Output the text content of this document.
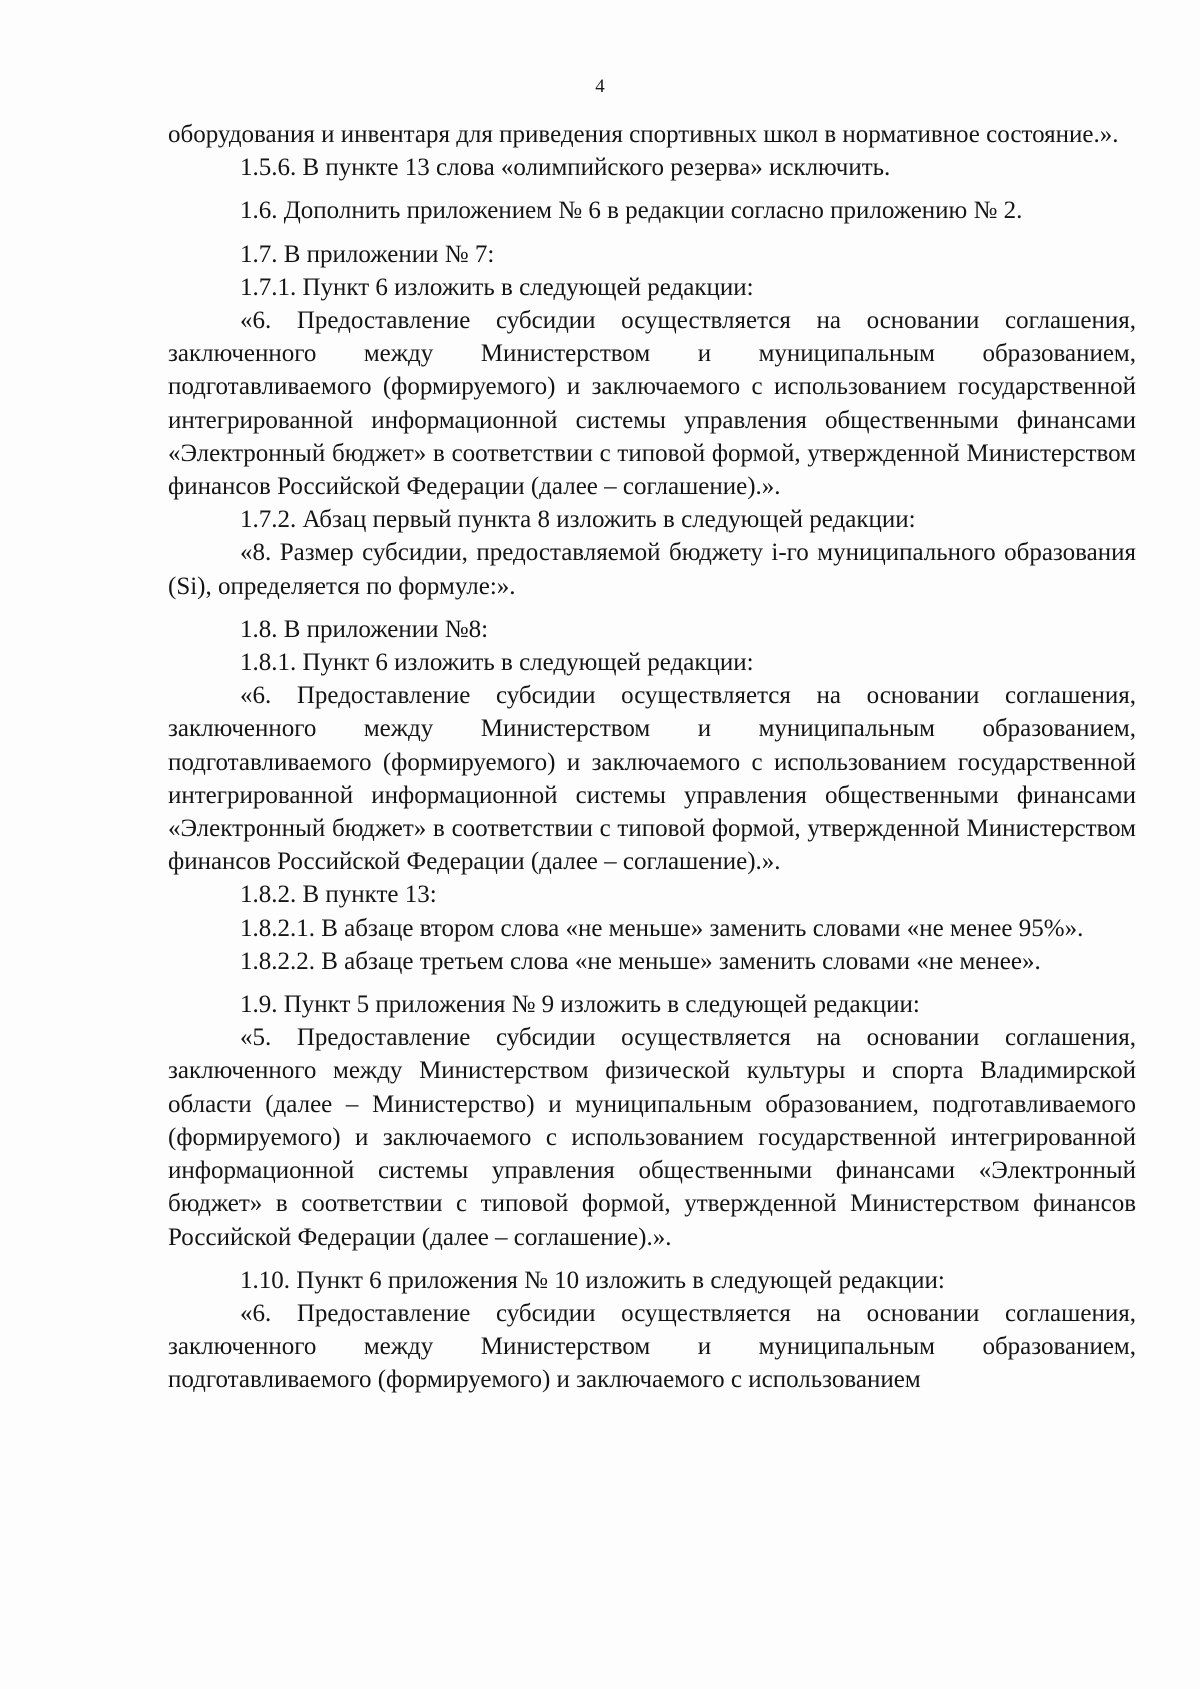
4

оборудования и инвентаря для приведения спортивных школ в нормативное состояние.».

1.5.6. В пункте 13 слова «олимпийского резерва» исключить.

1.6. Дополнить приложением № 6 в редакции согласно приложению № 2.

1.7. В приложении № 7:

1.7.1. Пункт 6 изложить в следующей редакции:

«6. Предоставление субсидии осуществляется на основании соглашения, заключенного между Министерством и муниципальным образованием, подготавливаемого (формируемого) и заключаемого с использованием государственной интегрированной информационной системы управления общественными финансами «Электронный бюджет» в соответствии с типовой формой, утвержденной Министерством финансов Российской Федерации (далее – соглашение).».

1.7.2. Абзац первый пункта 8 изложить в следующей редакции:

«8. Размер субсидии, предоставляемой бюджету i-го муниципального образования (Si), определяется по формуле:».

1.8. В приложении №8:

1.8.1. Пункт 6 изложить в следующей редакции:

«6. Предоставление субсидии осуществляется на основании соглашения, заключенного между Министерством и муниципальным образованием, подготавливаемого (формируемого) и заключаемого с использованием государственной интегрированной информационной системы управления общественными финансами «Электронный бюджет» в соответствии с типовой формой, утвержденной Министерством финансов Российской Федерации (далее – соглашение).».

1.8.2. В пункте 13:

1.8.2.1. В абзаце втором слова «не меньше» заменить словами «не менее 95%».

1.8.2.2. В абзаце третьем слова «не меньше» заменить словами «не менее».

1.9. Пункт 5 приложения № 9 изложить в следующей редакции:

«5. Предоставление субсидии осуществляется на основании соглашения, заключенного между Министерством физической культуры и спорта Владимирской области (далее – Министерство) и муниципальным образованием, подготавливаемого (формируемого) и заключаемого с использованием государственной интегрированной информационной системы управления общественными финансами «Электронный бюджет» в соответствии с типовой формой, утвержденной Министерством финансов Российской Федерации (далее – соглашение).».

1.10. Пункт 6 приложения № 10 изложить в следующей редакции:

«6. Предоставление субсидии осуществляется на основании соглашения, заключенного между Министерством и муниципальным образованием, подготавливаемого (формируемого) и заключаемого с использованием
